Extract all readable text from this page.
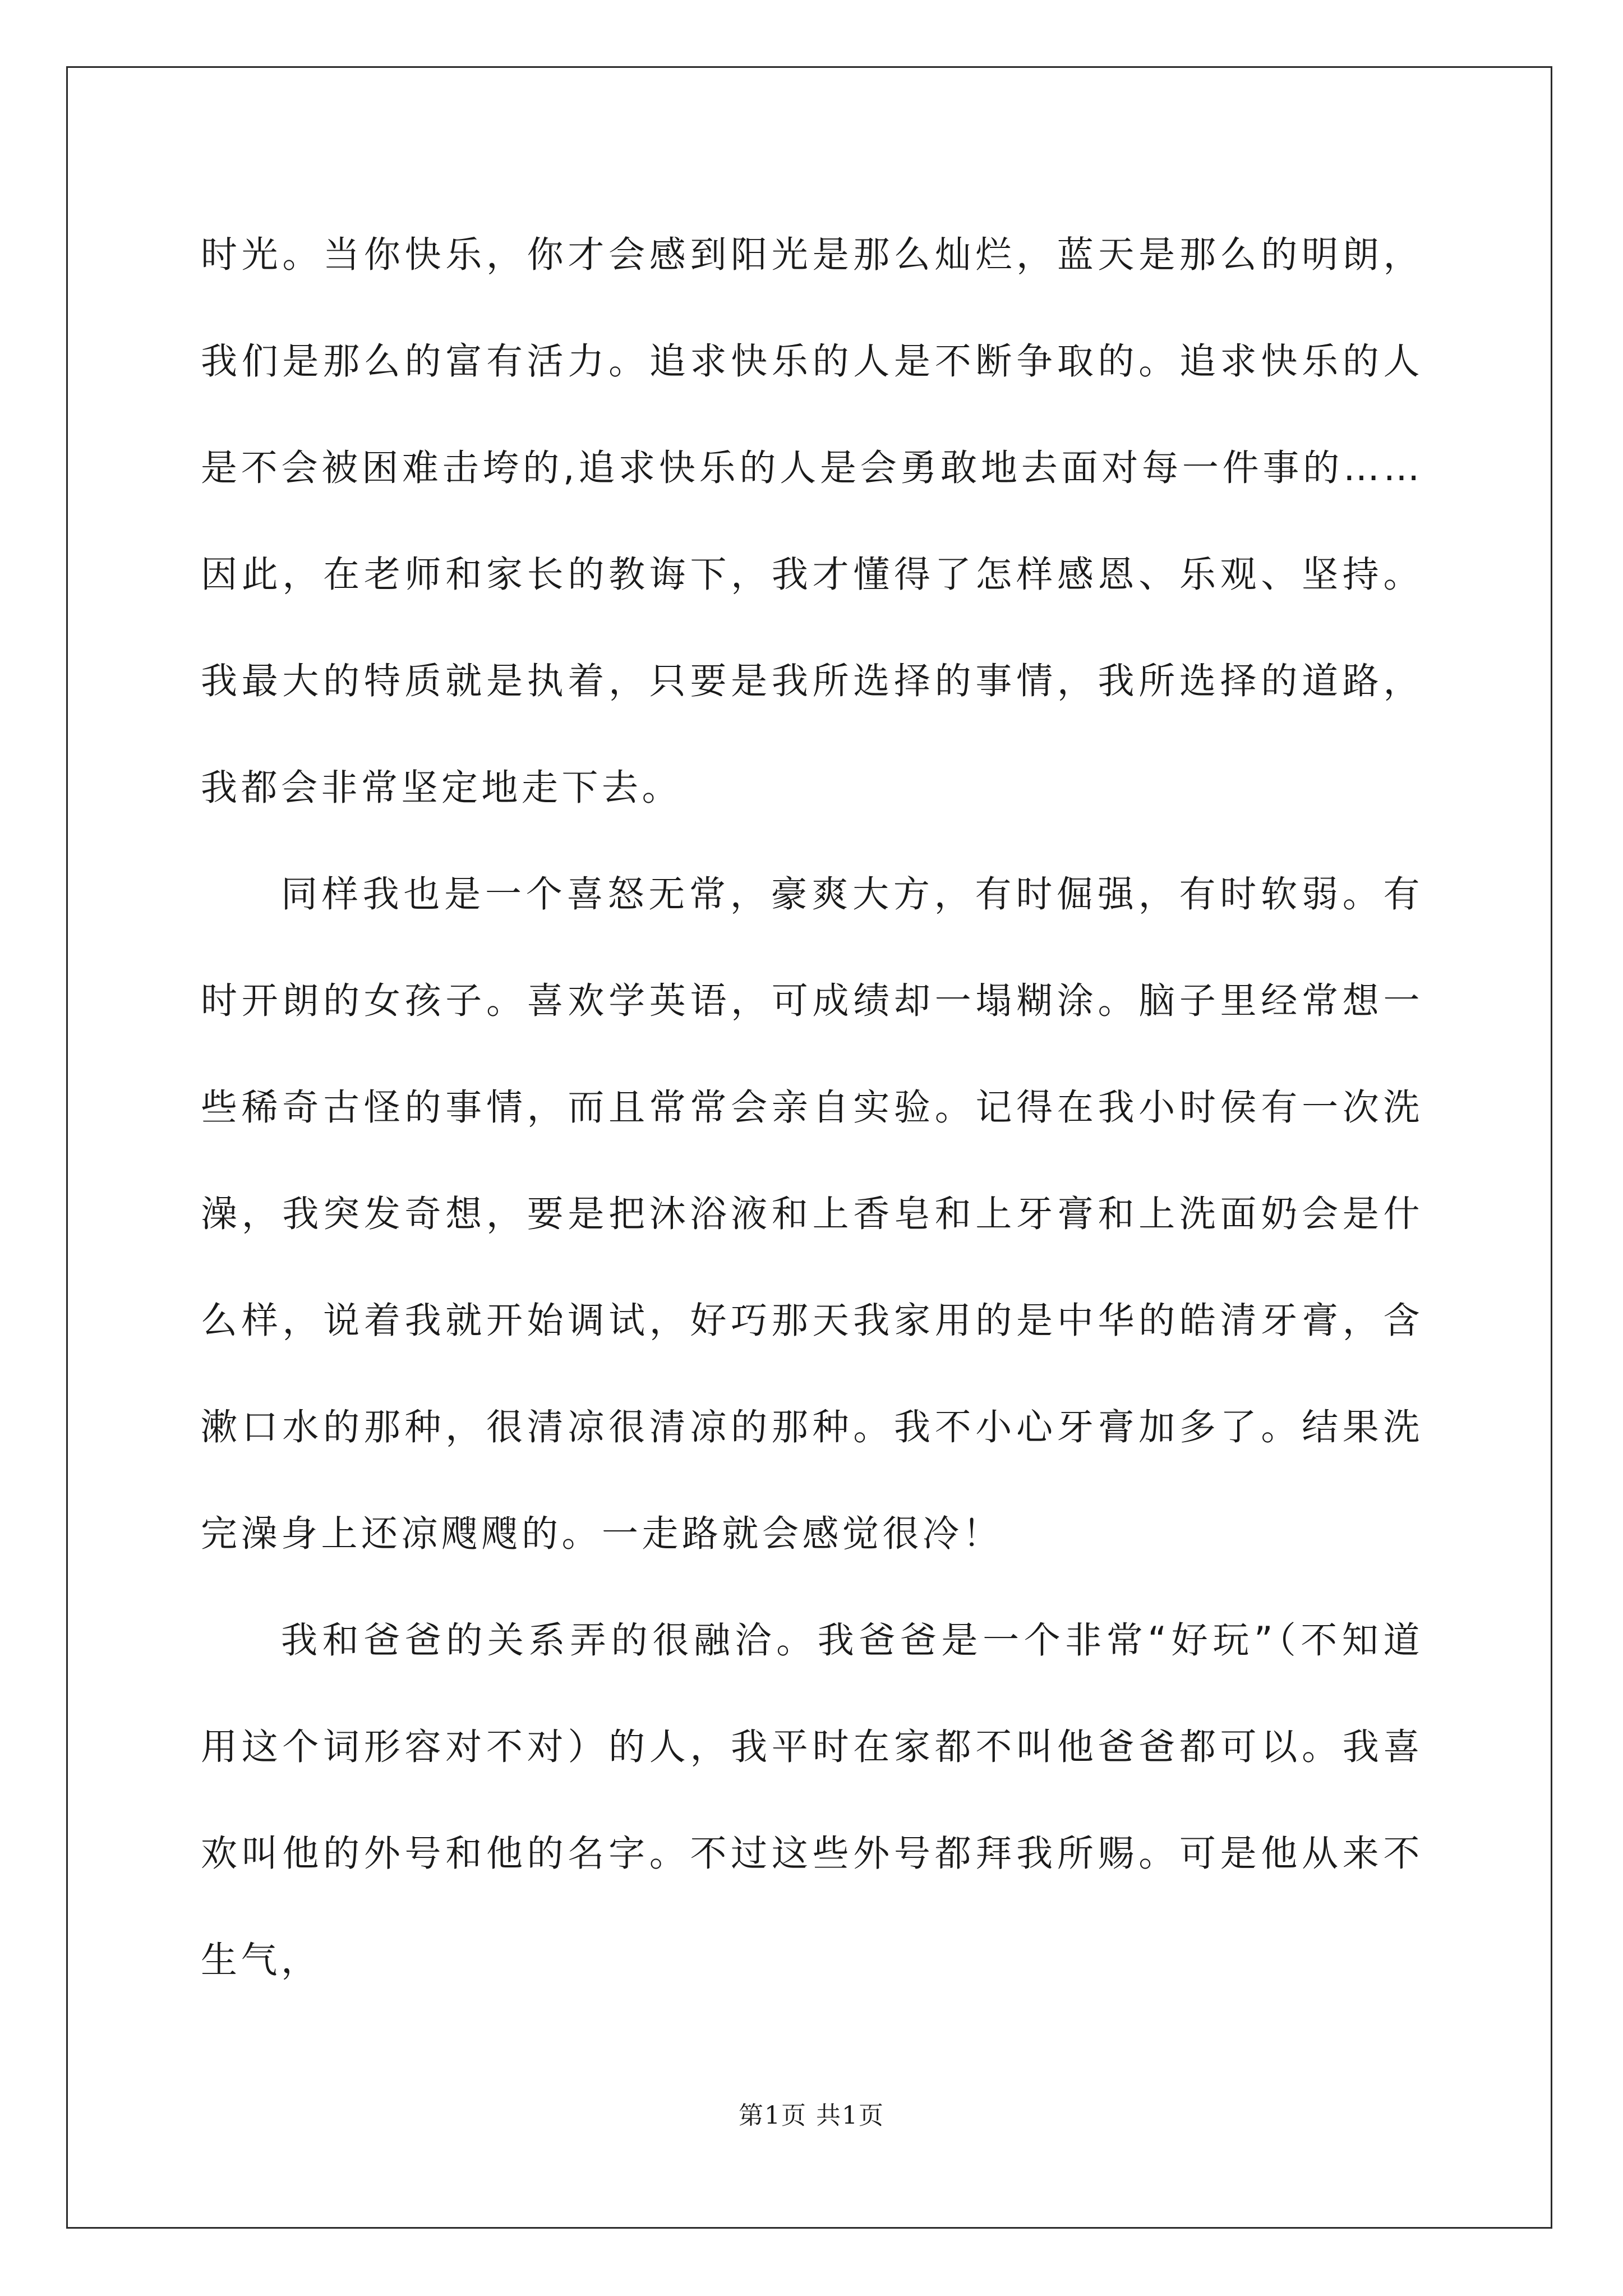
时光。当你快乐，你才会感到阳光是那么灿烂，蓝天是那么的明朗，我们是那么的富有活力。追求快乐的人是不断争取的。追求快乐的人是不会被困难击垮的,追求快乐的人是会勇敢地去面对每一件事的……因此，在老师和家长的教诲下，我才懂得了怎样感恩、乐观、坚持。我最大的特质就是执着，只要是我所选择的事情，我所选择的道路，我都会非常坚定地走下去。

同样我也是一个喜怒无常，豪爽大方，有时倔强，有时软弱。有时开朗的女孩子。喜欢学英语，可成绩却一塌糊涂。脑子里经常想一些稀奇古怪的事情，而且常常会亲自实验。记得在我小时侯有一次洗澡，我突发奇想，要是把沐浴液和上香皂和上牙膏和上洗面奶会是什么样，说着我就开始调试，好巧那天我家用的是中华的皓清牙膏，含漱口水的那种，很清凉很清凉的那种。我不小心牙膏加多了。结果洗完澡身上还凉飕飕的。一走路就会感觉很冷！

我和爸爸的关系弄的很融洽。我爸爸是一个非常“好玩”（不知道用这个词形容对不对）的人，我平时在家都不叫他爸爸都可以。我喜欢叫他的外号和他的名字。不过这些外号都拜我所赐。可是他从来不生气，

第1页 共1页
